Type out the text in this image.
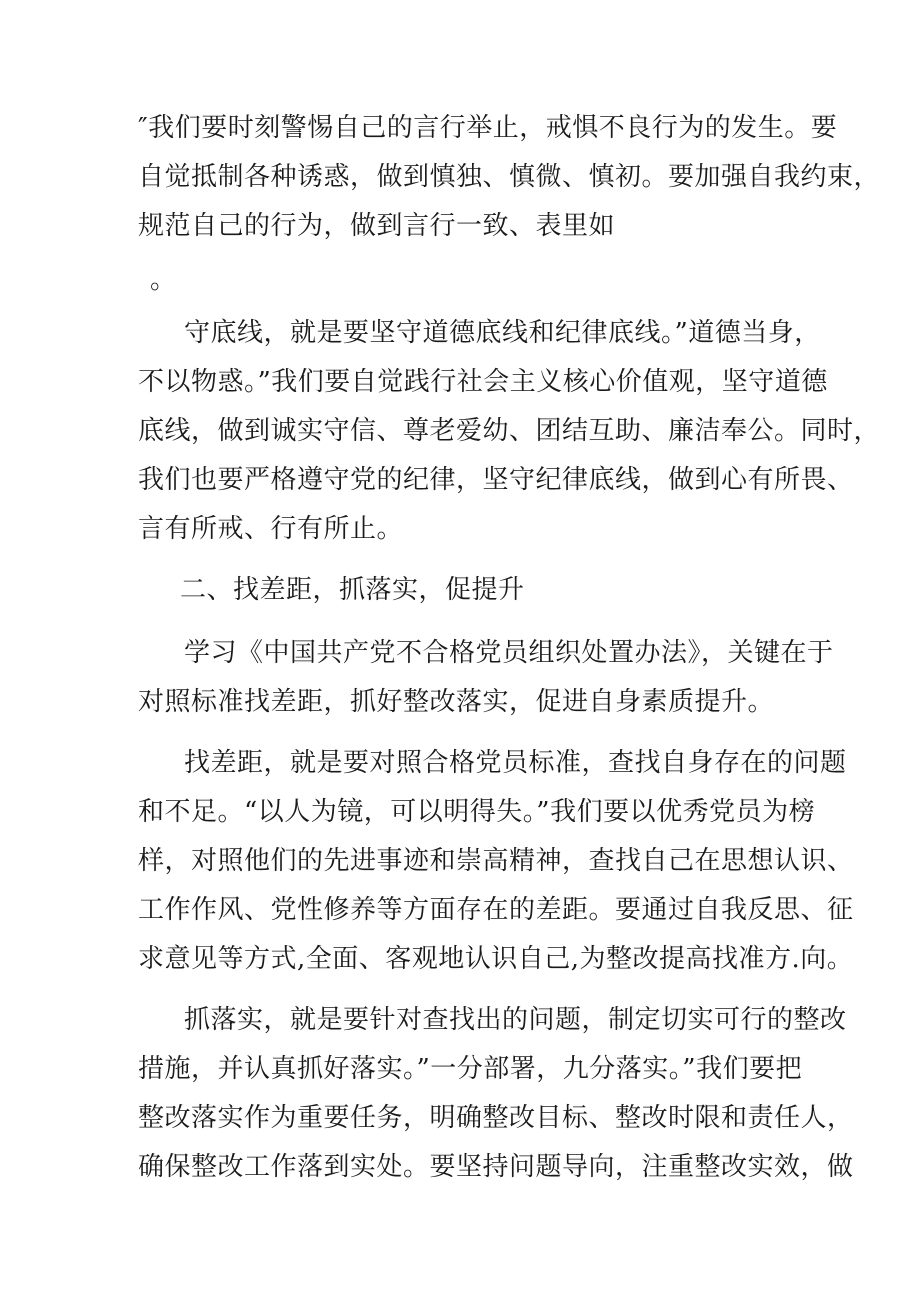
″我们要时刻警惕自己的言行举止，戒惧不良行为的发生。要
自觉抵制各种诱惑，做到慎独、慎微、慎初。要加强自我约束，
规范自己的行为，做到言行一致、表里如
。
守底线，就是要坚守道德底线和纪律底线。”道德当身，
不以物惑。”我们要自觉践行社会主义核心价值观，坚守道德
底线，做到诚实守信、尊老爱幼、团结互助、廉洁奉公。同时，
我们也要严格遵守党的纪律，坚守纪律底线，做到心有所畏、
言有所戒、行有所止。
二、找差距，抓落实，促提升
学习《中国共产党不合格党员组织处置办法》，关键在于
对照标准找差距，抓好整改落实，促进自身素质提升。
找差距，就是要对照合格党员标准，查找自身存在的问题
和不足。“以人为镜，可以明得失。”我们要以优秀党员为榜
样，对照他们的先进事迹和崇高精神，查找自己在思想认识、
工作作风、党性修养等方面存在的差距。要通过自我反思、征
求意见等方式,全面、客观地认识自己,为整改提高找准方.向。
抓落实，就是要针对查找出的问题，制定切实可行的整改
措施，并认真抓好落实。”一分部署，九分落实。”我们要把
整改落实作为重要任务，明确整改目标、整改时限和责任人，
确保整改工作落到实处。要坚持问题导向，注重整改实效，做
